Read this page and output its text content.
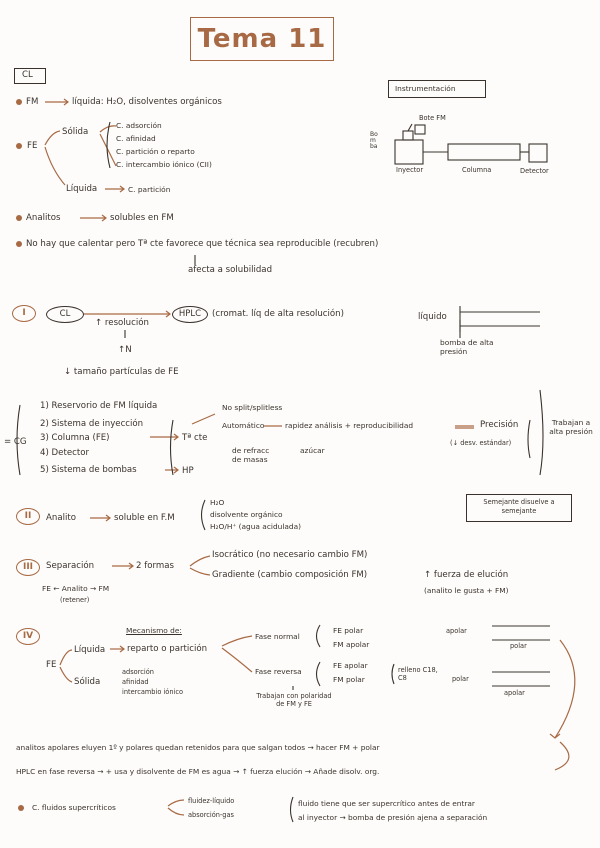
Tema 11
CL
FM	líquida: H₂O, disolventes orgánicos
FE
Sólida
C. adsorción
C. afinidad
C. partición o reparto
C. intercambio iónico (CII)
Líquida	C. partición
Analitos	solubles en FM
No hay que calentar pero Tª cte favorece que técnica sea reproducible (recubren)
afecta a solubilidad
Instrumentación
Bote FM
Bomba
Inyector	Columna	Detector
I	CL	HPLC	(cromat. líq de alta resolución)
↑ resolución
↑N
↓ tamaño partículas de FE
líquido
bomba de alta presión
= CG
1) Reservorio de FM líquida
2) Sistema de inyección
3) Columna (FE)
4) Detector
5) Sistema de bombas
No split/splitless
Automático	rapidez análisis + reproducibilidad	Precisión
(↓ desv. estándar)
Trabajan a alta presión
Tª cte
de refracc
de masas
azúcar
HP
II	Analito	soluble en F.M
H₂O
disolvente orgánico
H₂O/H⁺ (agua acidulada)
Semejante disuelve a semejante
III	Separación	2 formas
Isocrático (no necesario cambio FM)
Gradiente (cambio composición FM)	↑ fuerza de elución
(analito le gusta + FM)
FE ← Analito → FM
(retener)
IV
Mecanismo de:
FE
Líquida	reparto o partición
Sólida
adsorción
afinidad
intercambio iónico
Fase normal
Fase reversa
FE polar
FM apolar
FE apolar
FM polar
relleno C18, C8
Trabajan con polaridad de FM y FE
apolar
polar
polar
apolar
analitos apolares eluyen 1º y polares quedan retenidos para que salgan todos → hacer FM + polar
HPLC en fase reversa → + usa y disolvente de FM es agua → ↑ fuerza elución → Añade disolv. org.
C. fluidos supercríticos
fluidez-líquido
absorción-gas
fluido tiene que ser supercrítico antes de entrar
al inyector → bomba de presión ajena a separación
